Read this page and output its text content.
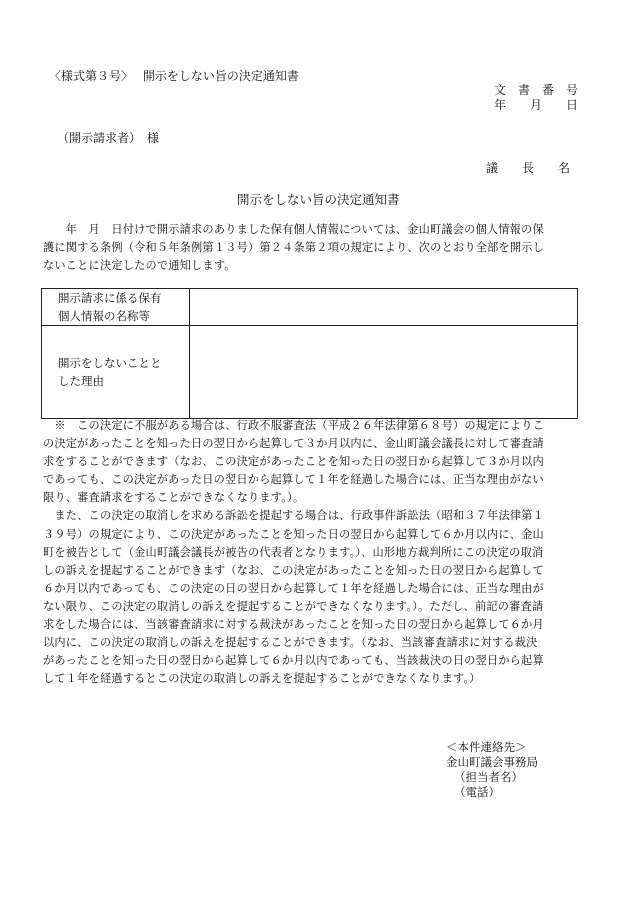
〈様式第３号〉　 開示をしない旨の決定通知書
文　書　番　号
年　　月　　日
（開示請求者）　様
議　　長　　名
開示をしない旨の決定通知書
　　年　月　日付けで開示請求のありました保有個人情報については、金山町議会の個人情報の保
護に関する条例（令和５年条例第１３号）第２４条第２項の規定により、次のとおり全部を開示し
ないことに決定したので通知します。
開示請求に係る保有
個人情報の名称等	

開示をしないことと
した理由	

　※　この決定に不服がある場合は、行政不服審査法（平成２６年法律第６８号）の規定によりこ
の決定があったことを知った日の翌日から起算して３か月以内に、金山町議会議長に対して審査請
求をすることができます（なお、この決定があったことを知った日の翌日から起算して３か月以内
であっても、この決定があった日の翌日から起算して１年を経過した場合には、正当な理由がない
限り、審査請求をすることができなくなります。）。
　また、この決定の取消しを求める訴訟を提起する場合は、行政事件訴訟法（昭和３７年法律第１
３９号）の規定により、この決定があったことを知った日の翌日から起算して６か月以内に、金山
町を被告として（金山町議会議長が被告の代表者となります。）、山形地方裁判所にこの決定の取消
しの訴えを提起することができます（なお、この決定があったことを知った日の翌日から起算して
６か月以内であっても、この決定の日の翌日から起算して１年を経過した場合には、正当な理由が
ない限り、この決定の取消しの訴えを提起することができなくなります。）。ただし、前記の審査請
求をした場合には、当該審査請求に対する裁決があったことを知った日の翌日から起算して６か月
以内に、この決定の取消しの訴えを提起することができます。（なお、当該審査請求に対する裁決
があったことを知った日の翌日から起算して６か月以内であっても、当該裁決の日の翌日から起算
して１年を経過するとこの決定の取消しの訴えを提起することができなくなります。）
＜本件連絡先＞
金山町議会事務局
（担当者名）
（電話）
